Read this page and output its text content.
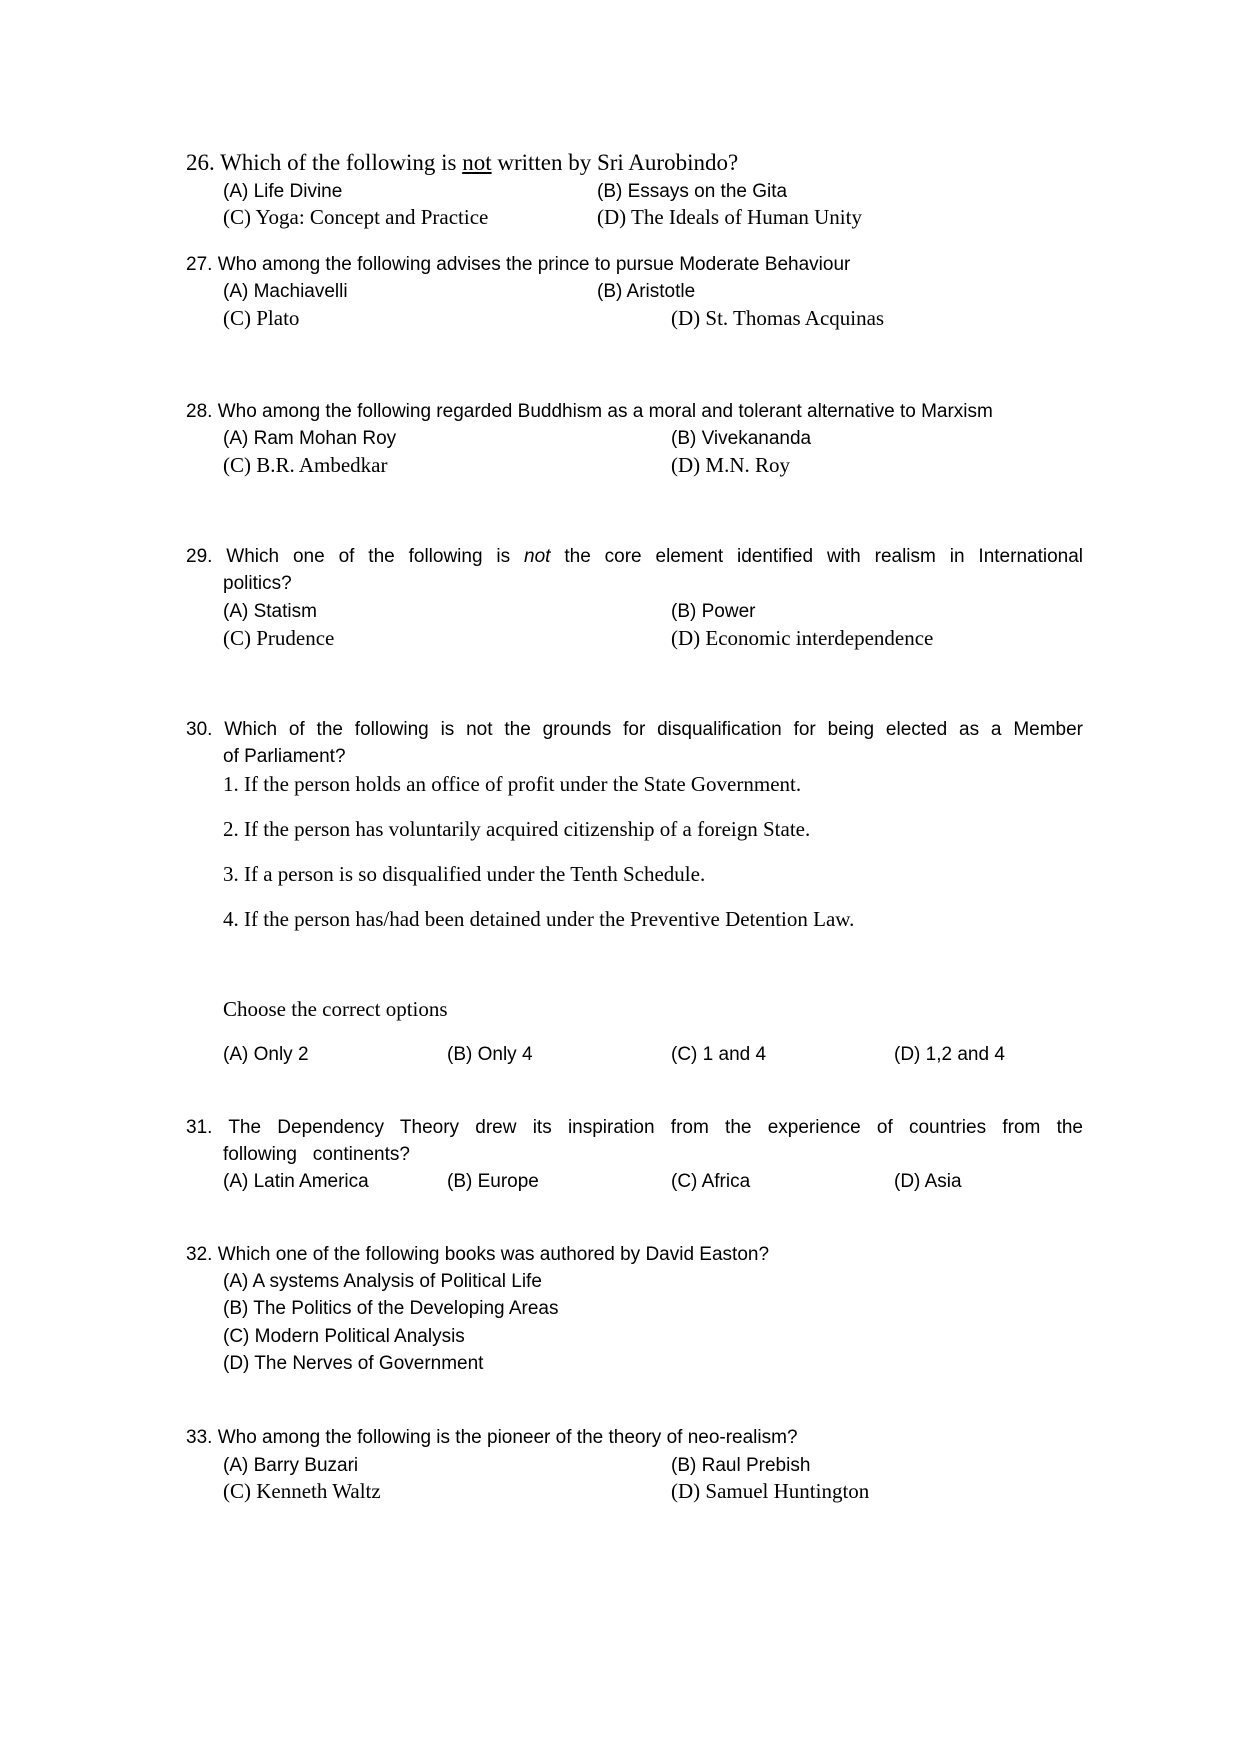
26. Which of the following is not written by Sri Aurobindo?
(A) Life Divine	(B) Essays on the Gita
(C) Yoga: Concept and Practice	(D) The Ideals of Human Unity
27. Who among the following advises the prince to pursue Moderate Behaviour
(A) Machiavelli	(B) Aristotle
(C) Plato	(D) St. Thomas Acquinas
28. Who among the following regarded Buddhism as a moral and tolerant alternative to Marxism
(A) Ram Mohan Roy	(B) Vivekananda
(C) B.R. Ambedkar	(D) M.N. Roy
29. Which one of the following is not the core element identified with realism in International
politics?
(A) Statism	(B) Power
(C) Prudence	(D) Economic interdependence
30. Which of the following is not the grounds for disqualification for being elected as a Member
of Parliament?
1. If the person holds an office of profit under the State Government.
2. If the person has voluntarily acquired citizenship of a foreign State.
3. If a person is so disqualified under the Tenth Schedule.
4. If the person has/had been detained under the Preventive Detention Law.
Choose the correct options
(A) Only 2	(B) Only 4	(C) 1 and 4	(D) 1,2 and 4
31. The Dependency Theory drew its inspiration from the experience of countries from the
following   continents?
(A) Latin America	(B) Europe	(C) Africa	(D) Asia
32. Which one of the following books was authored by David Easton?
(A) A systems Analysis of Political Life
(B) The Politics of the Developing Areas
(C) Modern Political Analysis
(D) The Nerves of Government
33. Who among the following is the pioneer of the theory of neo-realism?
(A) Barry Buzari	(B) Raul Prebish
(C) Kenneth Waltz	(D) Samuel Huntington
